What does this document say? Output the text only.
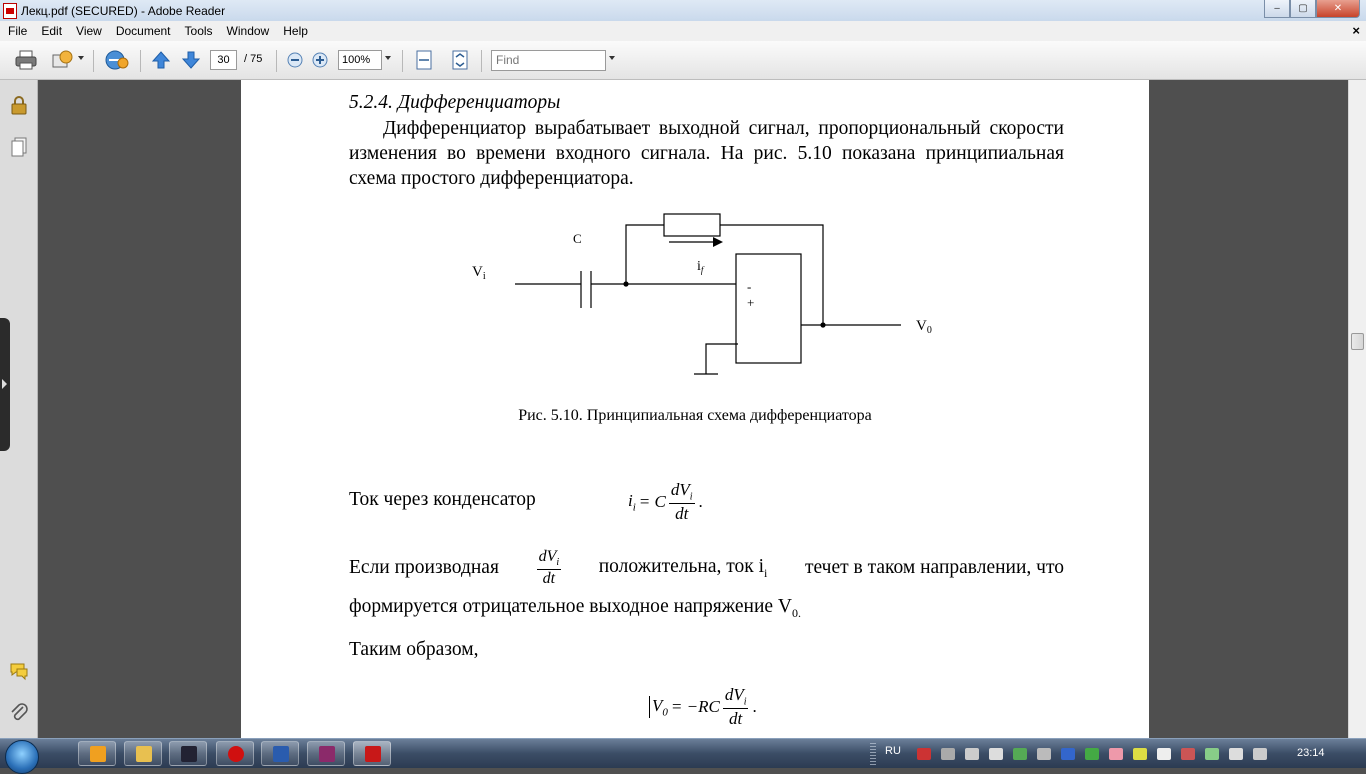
Лекц.pdf (SECURED) - Adobe Reader	‒	▢	✕
File	Edit	View	Document	Tools	Window	Help	×
30	/ 75	100%	Find
5.2.4. Дифференциаторы
Дифференциатор вырабатывает выходной сигнал, пропорциональный скорости изменения во времени входного сигнала. На рис. 5.10 показана принципиальная схема простого дифференциатора.
C
$V_i$
$i_f$
-
+
$V_0$
Рис. 5.10. Принципиальная схема дифференциатора
Ток через конденсатор	$i_i = C$
$dV_i$
dt
.
Если производная
$dV_i$
dt
положительна, ток $i_i$ течет в таком направлении, что
формируется отрицательное выходное напряжение $V_{0.}$
Таким образом,
$V_0 = -RC$
$dV_i$
dt
.
RU	23:14
